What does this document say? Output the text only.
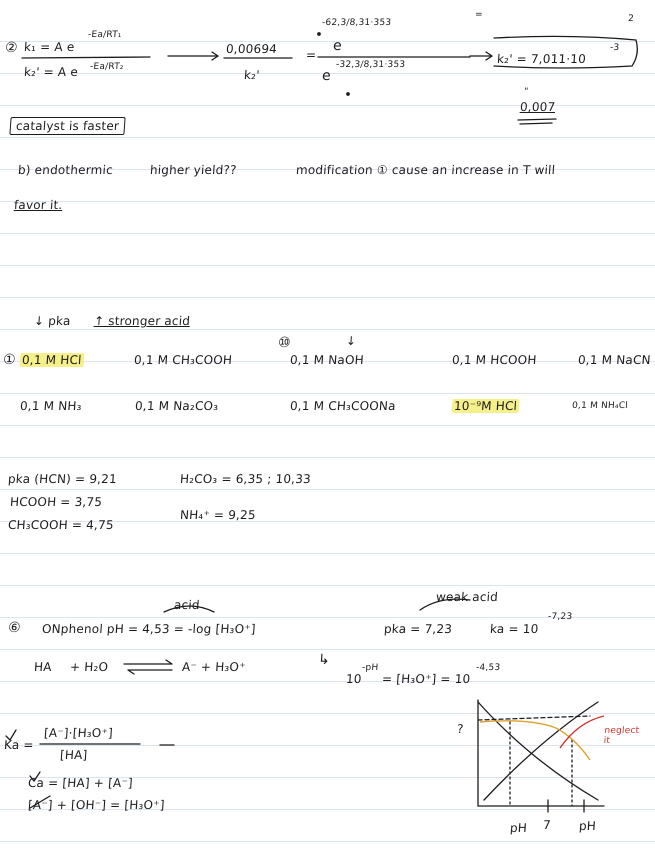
2
② k₁ = A e
-Ea/RT₁
k₂' = A e -Ea/RT₂
0,00694
k₂'
=
-62,3/8,31·353
e
e
-32,3/8,31·353
=
k₂' = 7,011·10
-3
"
0,007
catalyst is faster
b) endothermic	higher yield??	modification ① cause an increase in T will
favor it.
↓ pka ↑ stronger acid
⑩	↓
① 0,1 M HCl	0,1 M CH₃COOH	0,1 M NaOH	0,1 M HCOOH	0,1 M NaCN
0,1 M NH₃	0,1 M Na₂CO₃	0,1 M CH₃COONa	10⁻⁹M HCl	0,1 M NH₄Cl
pka (HCN) = 9,21
HCOOH = 3,75
CH₃COOH = 4,75
H₂CO₃ = 6,35 ; 10,33
NH₄⁺ = 9,25
acid
⑥ ONphenol pH = 4,53 = -log [H₃O⁺]
weak acid
pka = 7,23	ka = 10
-7,23
HA + H₂O	A⁻ + H₃O⁺	↳
10
-pH
= [H₃O⁺] = 10
-4,53
Ka =
[A⁻]·[H₃O⁺]
[HA]
Ca = [HA] + [A⁻]
[A⁻] + [OH⁻] = [H₃O⁺]
?	neglect it
pH 7 pH
